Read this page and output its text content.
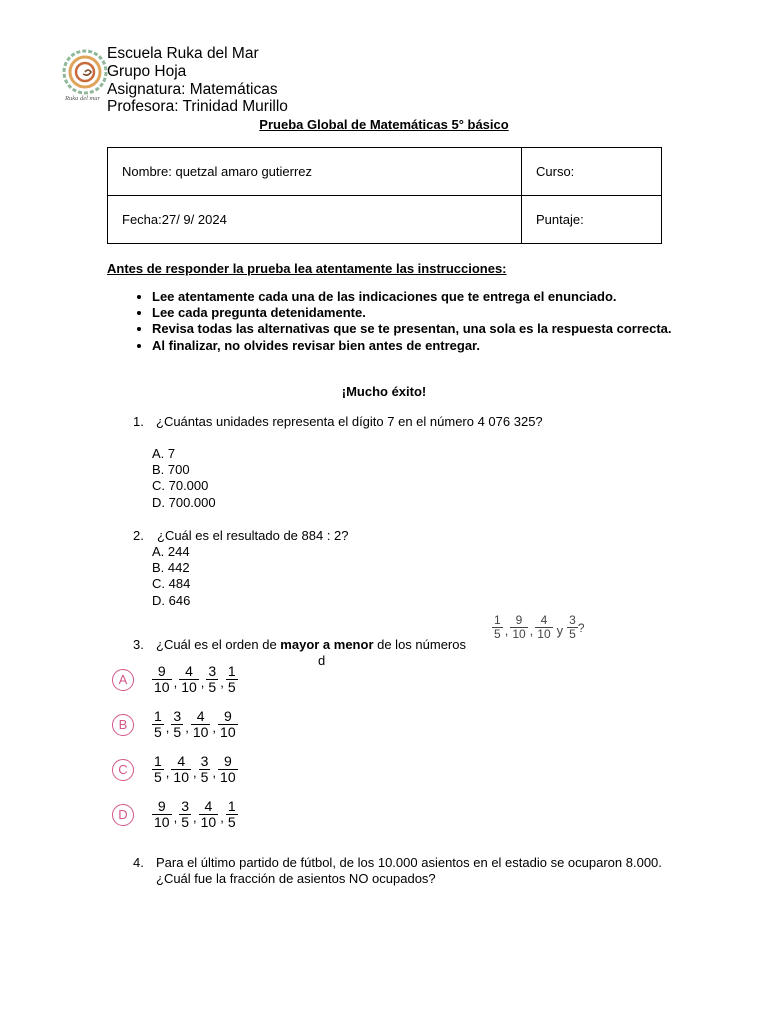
Ruka del mar
Escuela Ruka del Mar
Grupo Hoja
Asignatura: Matemáticas
Profesora: Trinidad Murillo
Prueba Global de Matemáticas 5° básico
Nombre: quetzal amaro gutierrez	Curso:
Fecha:27/ 9/ 2024	Puntaje:
Antes de responder la prueba lea atentamente las instrucciones:
• Lee atentamente cada una de las indicaciones que te entrega el enunciado.
• Lee cada pregunta detenidamente.
• Revisa todas las alternativas que se te presentan, una sola es la respuesta correcta.
• Al finalizar, no olvides revisar bien antes de entregar.
¡Mucho éxito!
1. ¿Cuántas unidades representa el dígito 7 en el número 4 076 325?
A. 7
B. 700
C. 70.000
D. 700.000
2. ¿Cuál es el resultado de 884 : 2?
A. 244
B. 442
C. 484
D. 646
3. ¿Cuál es el orden de mayor a menor de los números
d
$\frac{1}{5}$ , $\frac{9}{10}$ , $\frac{4}{10}$ y $\frac{3}{5}$ ?
A	$\frac{9}{10}$ , $\frac{4}{10}$ , $\frac{3}{5}$ , $\frac{1}{5}$
B	$\frac{1}{5}$ , $\frac{3}{5}$ , $\frac{4}{10}$ , $\frac{9}{10}$
C	$\frac{1}{5}$ , $\frac{4}{10}$ , $\frac{3}{5}$ , $\frac{9}{10}$
D	$\frac{9}{10}$ , $\frac{3}{5}$ , $\frac{4}{10}$ , $\frac{1}{5}$
4. Para el último partido de fútbol, de los 10.000 asientos en el estadio se ocuparon 8.000. ¿Cuál fue la fracción de asientos NO ocupados?
